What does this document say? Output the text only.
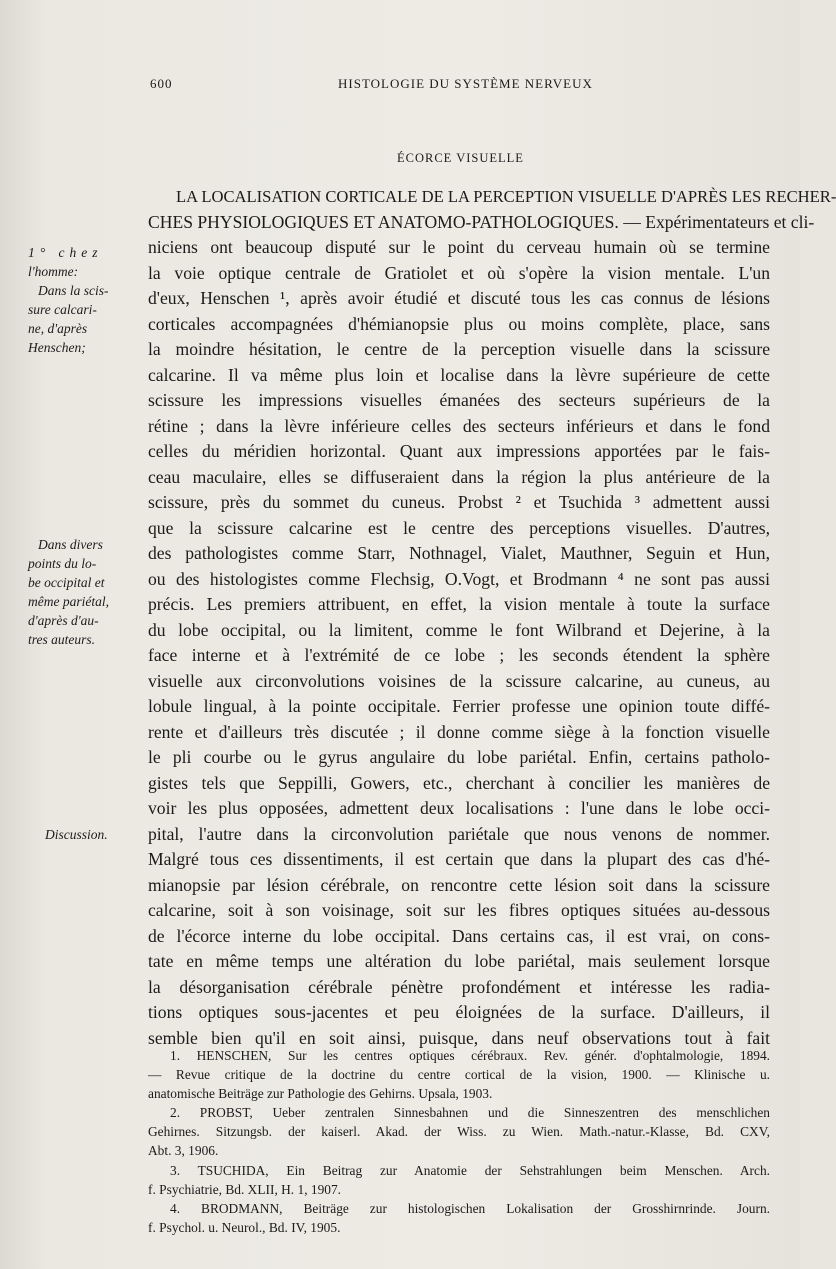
600	HISTOLOGIE DU SYSTÈME NERVEUX
ÉCORCE VISUELLE
1° chez
l'homme:
Dans la scis-
sure calcari-
ne, d'après
Henschen;
Dans divers
points du lo-
be occipital et
même pariétal,
d'après d'au-
tres auteurs.
Discussion.
LA LOCALISATION CORTICALE DE LA PERCEPTION VISUELLE D'APRÈS LES RECHER-
CHES PHYSIOLOGIQUES ET ANATOMO-PATHOLOGIQUES. — Expérimentateurs et cli-
niciens ont beaucoup disputé sur le point du cerveau humain où se termine
la voie optique centrale de Gratiolet et où s'opère la vision mentale. L'un
d'eux, Henschen ¹, après avoir étudié et discuté tous les cas connus de lésions
corticales accompagnées d'hémianopsie plus ou moins complète, place, sans
la moindre hésitation, le centre de la perception visuelle dans la scissure
calcarine. Il va même plus loin et localise dans la lèvre supérieure de cette
scissure les impressions visuelles émanées des secteurs supérieurs de la
rétine ; dans la lèvre inférieure celles des secteurs inférieurs et dans le fond
celles du méridien horizontal. Quant aux impressions apportées par le fais-
ceau maculaire, elles se diffuseraient dans la région la plus antérieure de la
scissure, près du sommet du cuneus. Probst ² et Tsuchida ³ admettent aussi
que la scissure calcarine est le centre des perceptions visuelles. D'autres,
des pathologistes comme Starr, Nothnagel, Vialet, Mauthner, Seguin et Hun,
ou des histologistes comme Flechsig, O.Vogt, et Brodmann ⁴ ne sont pas aussi
précis. Les premiers attribuent, en effet, la vision mentale à toute la surface
du lobe occipital, ou la limitent, comme le font Wilbrand et Dejerine, à la
face interne et à l'extrémité de ce lobe ; les seconds étendent la sphère
visuelle aux circonvolutions voisines de la scissure calcarine, au cuneus, au
lobule lingual, à la pointe occipitale. Ferrier professe une opinion toute diffé-
rente et d'ailleurs très discutée ; il donne comme siège à la fonction visuelle
le pli courbe ou le gyrus angulaire du lobe pariétal. Enfin, certains patholo-
gistes tels que Seppilli, Gowers, etc., cherchant à concilier les manières de
voir les plus opposées, admettent deux localisations : l'une dans le lobe occi-
pital, l'autre dans la circonvolution pariétale que nous venons de nommer.
Malgré tous ces dissentiments, il est certain que dans la plupart des cas d'hé-
mianopsie par lésion cérébrale, on rencontre cette lésion soit dans la scissure
calcarine, soit à son voisinage, soit sur les fibres optiques situées au-dessous
de l'écorce interne du lobe occipital. Dans certains cas, il est vrai, on cons-
tate en même temps une altération du lobe pariétal, mais seulement lorsque
la désorganisation cérébrale pénètre profondément et intéresse les radia-
tions optiques sous-jacentes et peu éloignées de la surface. D'ailleurs, il
semble bien qu'il en soit ainsi, puisque, dans neuf observations tout à fait
1. HENSCHEN, Sur les centres optiques cérébraux. Rev. génér. d'ophtalmologie, 1894.
— Revue critique de la doctrine du centre cortical de la vision, 1900. — Klinische u.
anatomische Beiträge zur Pathologie des Gehirns. Upsala, 1903.
2. PROBST, Ueber zentralen Sinnesbahnen und die Sinneszentren des menschlichen
Gehirnes. Sitzungsb. der kaiserl. Akad. der Wiss. zu Wien. Math.-natur.-Klasse, Bd. CXV,
Abt. 3, 1906.
3. TSUCHIDA, Ein Beitrag zur Anatomie der Sehstrahlungen beim Menschen. Arch.
f. Psychiatrie, Bd. XLII, H. 1, 1907.
4. BRODMANN, Beiträge zur histologischen Lokalisation der Grosshirnrinde. Journ.
f. Psychol. u. Neurol., Bd. IV, 1905.
